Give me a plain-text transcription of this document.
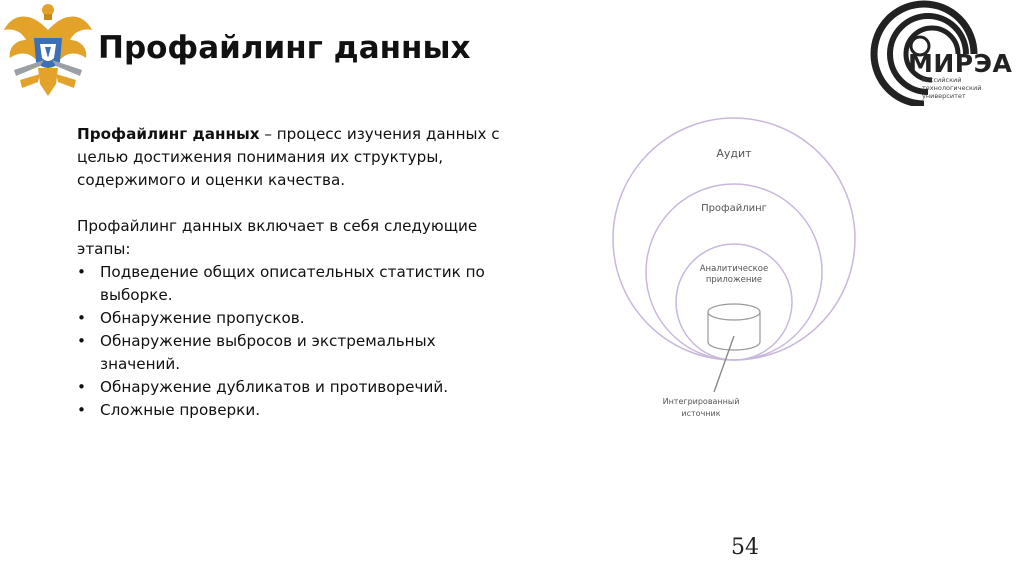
Профайлинг данных	МИРЭА
Российский
технологический
университет

Профайлинг данных – процесс изучения данных с целью достижения понимания их структуры, содержимого и оценки качества.

Профайлинг данных включает в себя следующие этапы:

• Подведение общих описательных статистик по выборке.
• Обнаружение пропусков.
• Обнаружение выбросов и экстремальных значений.
• Обнаружение дубликатов и противоречий.
• Сложные проверки.
Аудит
Профайлинг
Аналитическое
приложение
Интегрированный
источник
54
